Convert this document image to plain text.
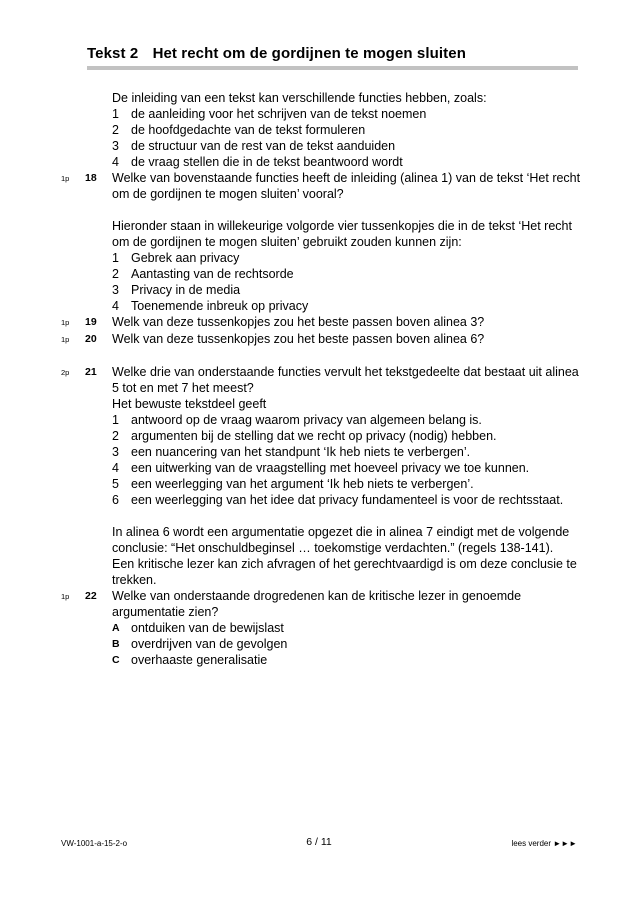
Tekst 2 Het recht om de gordijnen te mogen sluiten
De inleiding van een tekst kan verschillende functies hebben, zoals:
1 de aanleiding voor het schrijven van de tekst noemen
2 de hoofdgedachte van de tekst formuleren
3 de structuur van de rest van de tekst aanduiden
4 de vraag stellen die in de tekst beantwoord wordt
1p	18	Welke van bovenstaande functies heeft de inleiding (alinea 1) van de tekst ‘Het recht om de gordijnen te mogen sluiten’ vooral?
Hieronder staan in willekeurige volgorde vier tussenkopjes die in de tekst ‘Het recht om de gordijnen te mogen sluiten’ gebruikt zouden kunnen zijn:
1 Gebrek aan privacy
2 Aantasting van de rechtsorde
3 Privacy in de media
4 Toenemende inbreuk op privacy
1p	19	Welk van deze tussenkopjes zou het beste passen boven alinea 3?
1p	20	Welk van deze tussenkopjes zou het beste passen boven alinea 6?
2p	21	Welke drie van onderstaande functies vervult het tekstgedeelte dat bestaat uit alinea 5 tot en met 7 het meest?
Het bewuste tekstdeel geeft
1 antwoord op de vraag waarom privacy van algemeen belang is.
2 argumenten bij de stelling dat we recht op privacy (nodig) hebben.
3 een nuancering van het standpunt ‘Ik heb niets te verbergen’.
4 een uitwerking van de vraagstelling met hoeveel privacy we toe kunnen.
5 een weerlegging van het argument ‘Ik heb niets te verbergen’.
6 een weerlegging van het idee dat privacy fundamenteel is voor de rechtsstaat.
In alinea 6 wordt een argumentatie opgezet die in alinea 7 eindigt met de volgende conclusie: “Het onschuldbeginsel … toekomstige verdachten.” (regels 138-141).
Een kritische lezer kan zich afvragen of het gerechtvaardigd is om deze conclusie te trekken.
1p	22	Welke van onderstaande drogredenen kan de kritische lezer in genoemde argumentatie zien?
A ontduiken van de bewijslast
B overdrijven van de gevolgen
C overhaaste generalisatie
VW-1001-a-15-2-o	6 / 11	lees verder ►►►
